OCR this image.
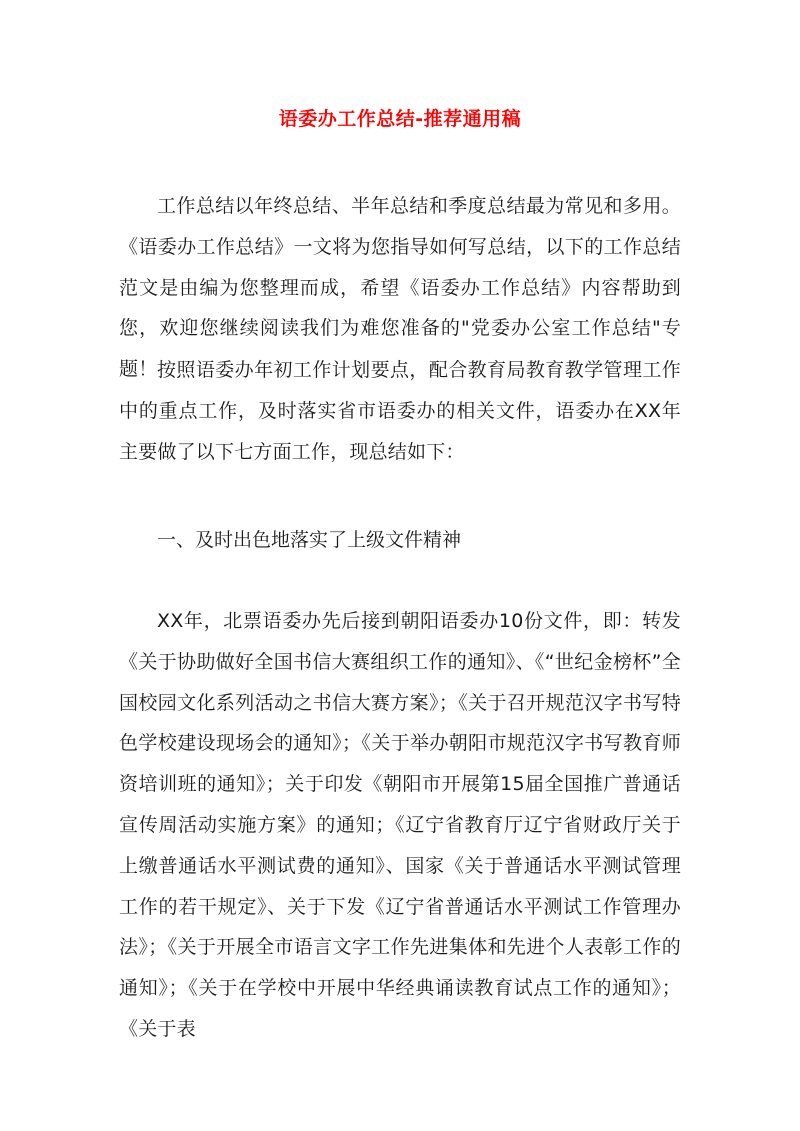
语委办工作总结-推荐通用稿

工作总结以年终总结、半年总结和季度总结最为常见和多用。《语委办工作总结》一文将为您指导如何写总结，以下的工作总结范文是由编为您整理而成，希望《语委办工作总结》内容帮助到您，欢迎您继续阅读我们为难您准备的"党委办公室工作总结"专题！ 按照语委办年初工作计划要点，配合教育局教育教学管理工作中的重点工作，及时落实省市语委办的相关文件，语委办在XX年主要做了以下七方面工作，现总结如下：

一、及时出色地落实了上级文件精神

XX年，北票语委办先后接到朝阳语委办10份文件，即：转发《关于协助做好全国书信大赛组织工作的通知》、《“世纪金榜杯”全国校园文化系列活动之书信大赛方案》；《关于召开规范汉字书写特色学校建设现场会的通知》；《关于举办朝阳市规范汉字书写教育师资培训班的通知》；关于印发《朝阳市开展第15届全国推广普通话宣传周活动实施方案》的通知；《辽宁省教育厅辽宁省财政厅关于上缴普通话水平测试费的通知》、国家《关于普通话水平测试管理工作的若干规定》、关于下发《辽宁省普通话水平测试工作管理办法》；《关于开展全市语言文字工作先进集体和先进个人表彰工作的通知》；《关于在学校中开展中华经典诵读教育试点工作的通知》；《关于表
